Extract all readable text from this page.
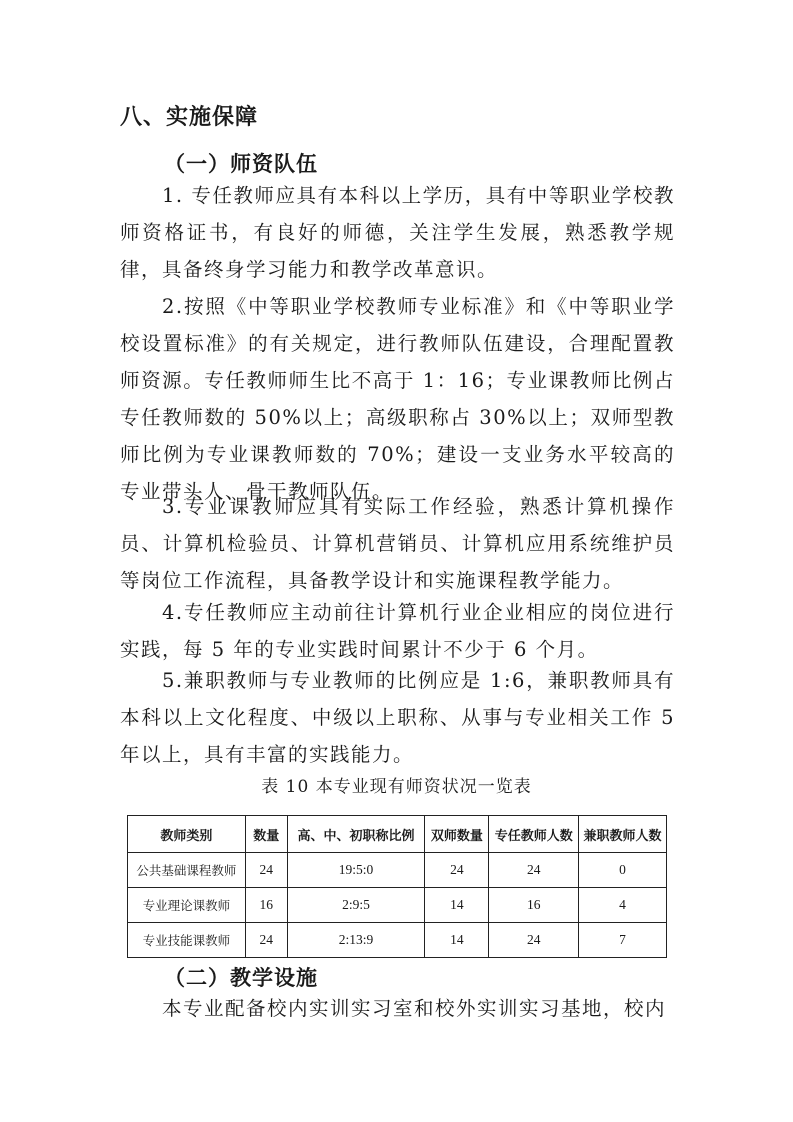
八、实施保障
（一）师资队伍
1. 专任教师应具有本科以上学历，具有中等职业学校教师资格证书，有良好的师德，关注学生发展，熟悉教学规律，具备终身学习能力和教学改革意识。
2.按照《中等职业学校教师专业标准》和《中等职业学校设置标准》的有关规定，进行教师队伍建设，合理配置教师资源。专任教师师生比不高于 1：16；专业课教师比例占专任教师数的 50%以上；高级职称占 30%以上；双师型教师比例为专业课教师数的 70%；建设一支业务水平较高的专业带头人、骨干教师队伍。
3.专业课教师应具有实际工作经验，熟悉计算机操作员、计算机检验员、计算机营销员、计算机应用系统维护员等岗位工作流程，具备教学设计和实施课程教学能力。
4.专任教师应主动前往计算机行业企业相应的岗位进行实践，每 5 年的专业实践时间累计不少于 6 个月。
5.兼职教师与专业教师的比例应是 1:6，兼职教师具有本科以上文化程度、中级以上职称、从事与专业相关工作 5 年以上，具有丰富的实践能力。
表 10 本专业现有师资状况一览表
教师类别	数量	高、中、初职称比例	双师数量	专任教师人数	兼职教师人数
公共基础课程教师	24	19:5:0	24	24	0
专业理论课教师	16	2:9:5	14	16	4
专业技能课教师	24	2:13:9	14	24	7
（二）教学设施
本专业配备校内实训实习室和校外实训实习基地，校内
